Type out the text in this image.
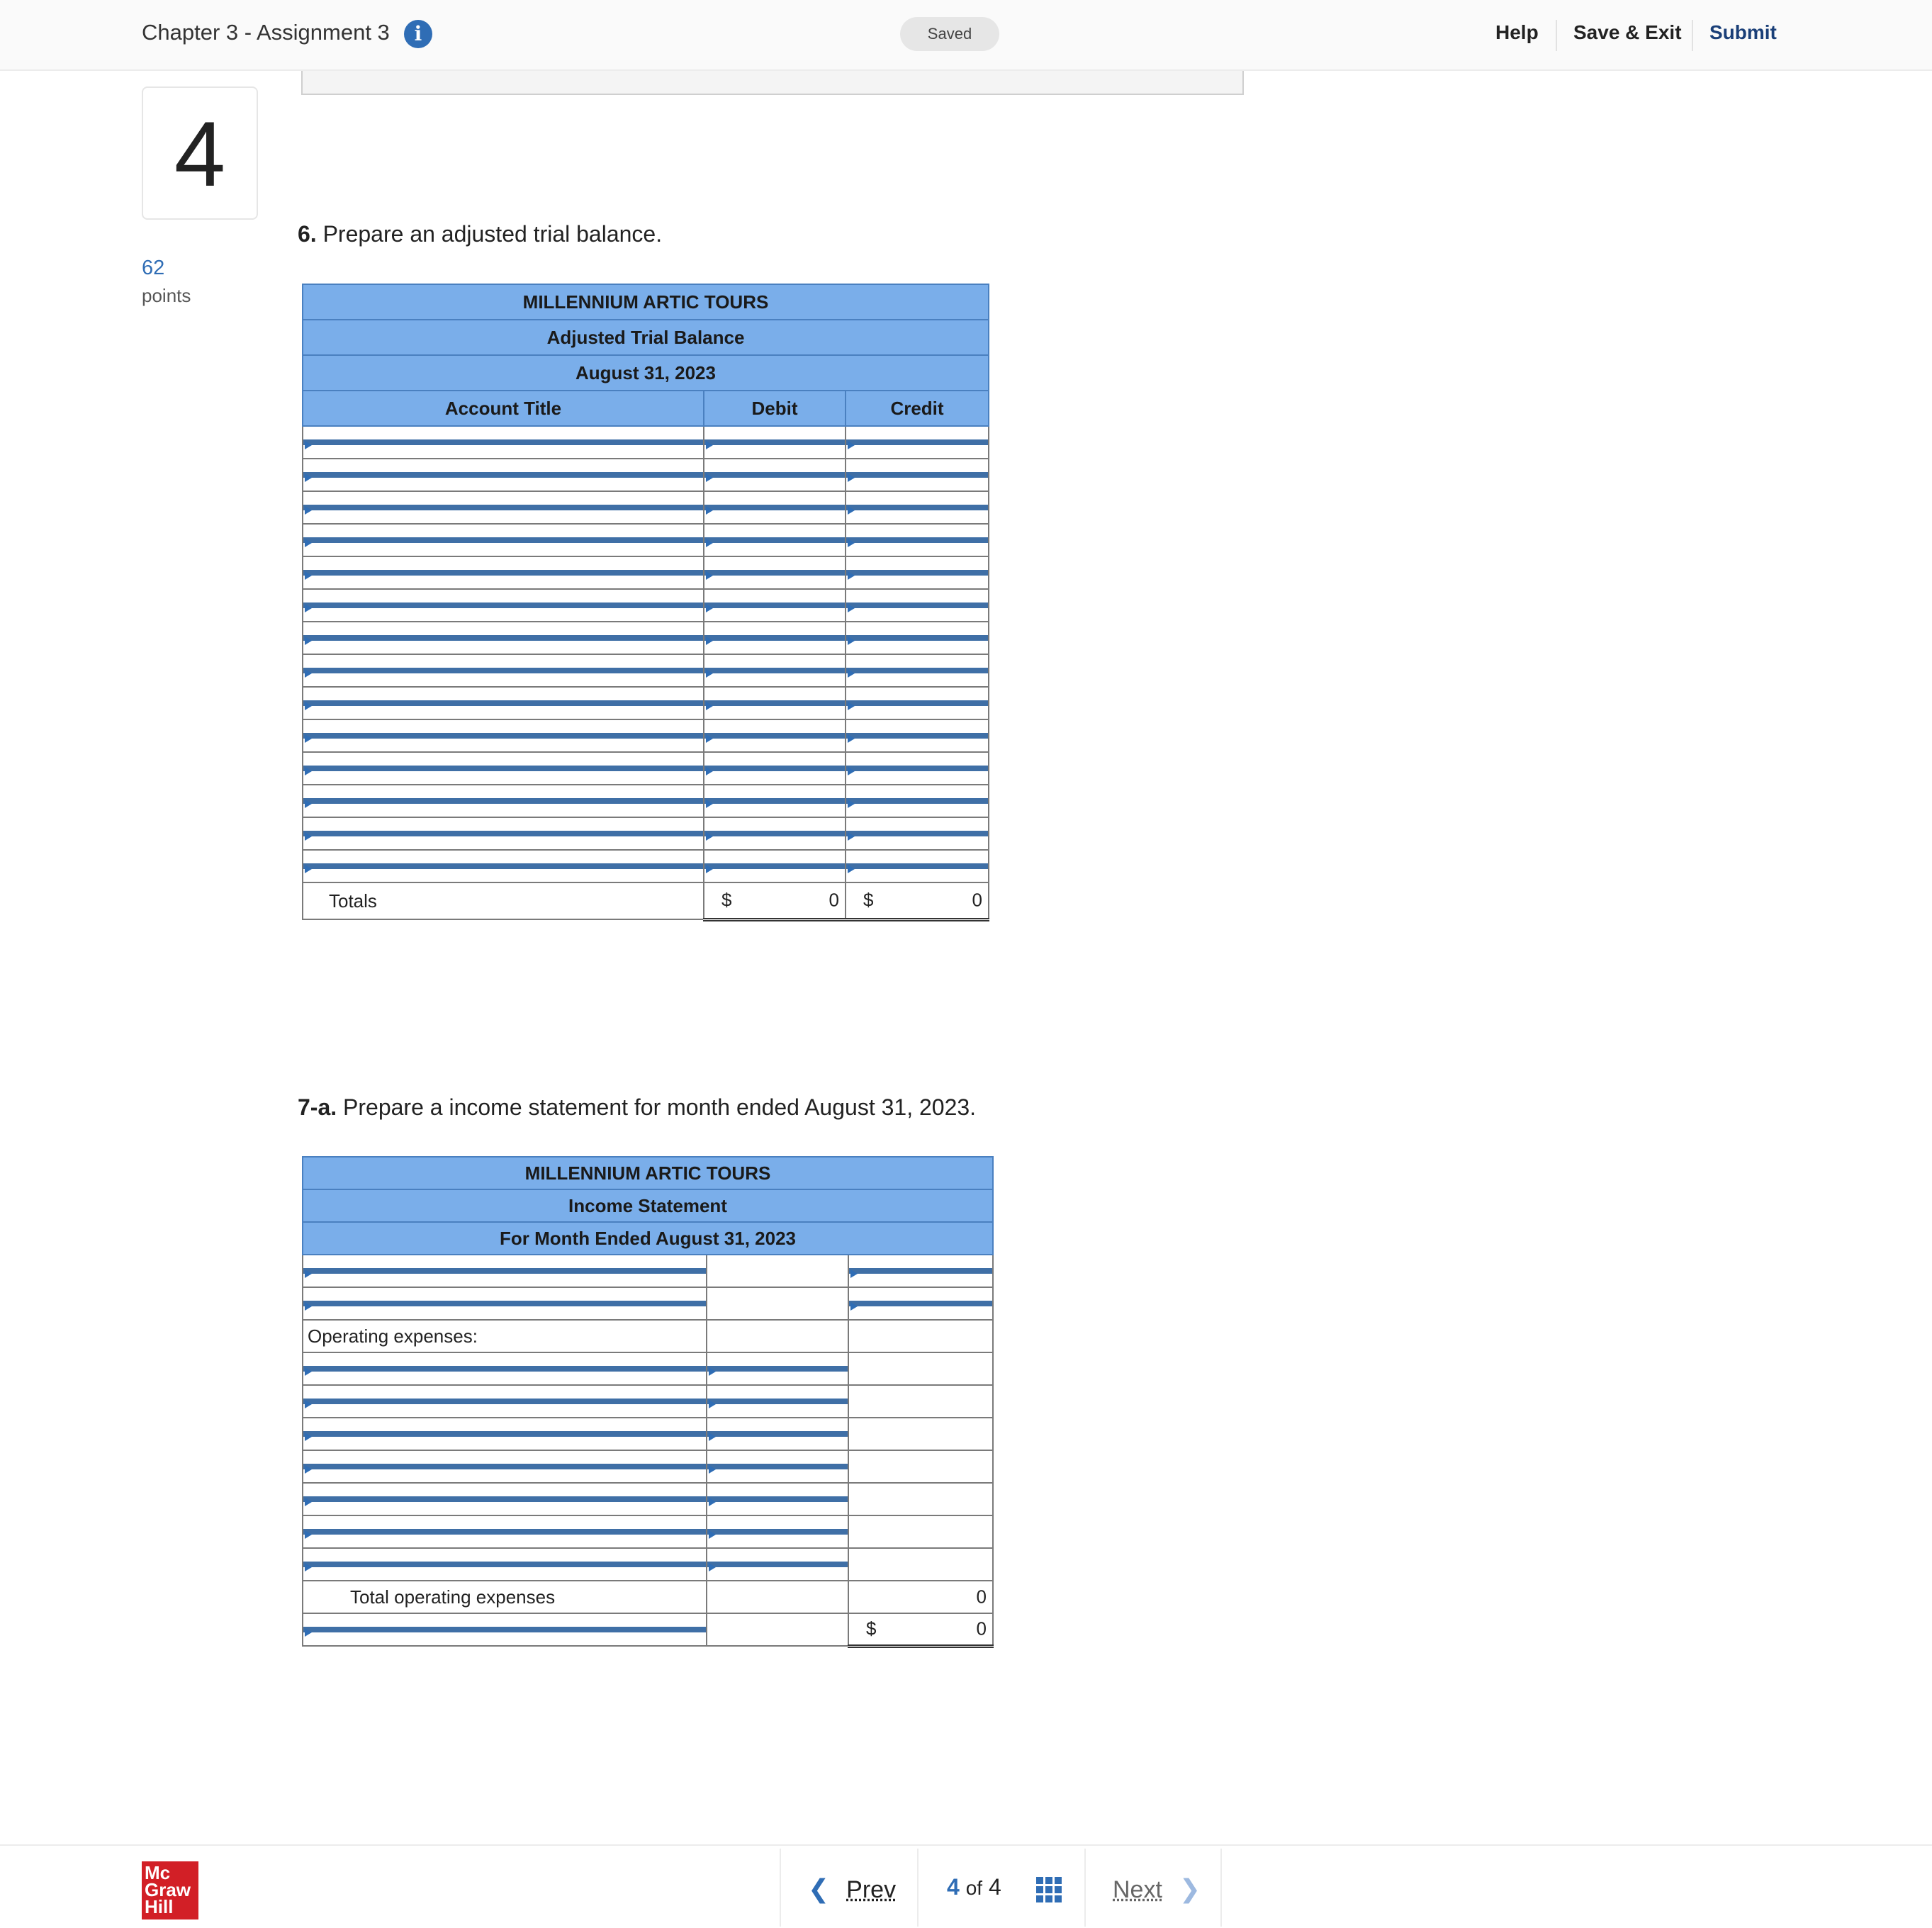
Chapter 3 - Assignment 3	i	Saved	Help Save & Exit Submit
4
62
points
6. Prepare an adjusted trial balance.
MILLENNIUM ARTIC TOURS		
Adjusted Trial Balance		
August 31, 2023		
Account Title	Debit	Credit

Totals	$ 0	$ 0
7-a. Prepare a income statement for month ended August 31, 2023.
MILLENNIUM ARTIC TOURS		
Income Statement		
For Month Ended August 31, 2023		

Operating expenses:		

Total operating expenses		0

		$ 0
Mc
Graw
Hill
❮ Prev 4 of 4	Next ❯
